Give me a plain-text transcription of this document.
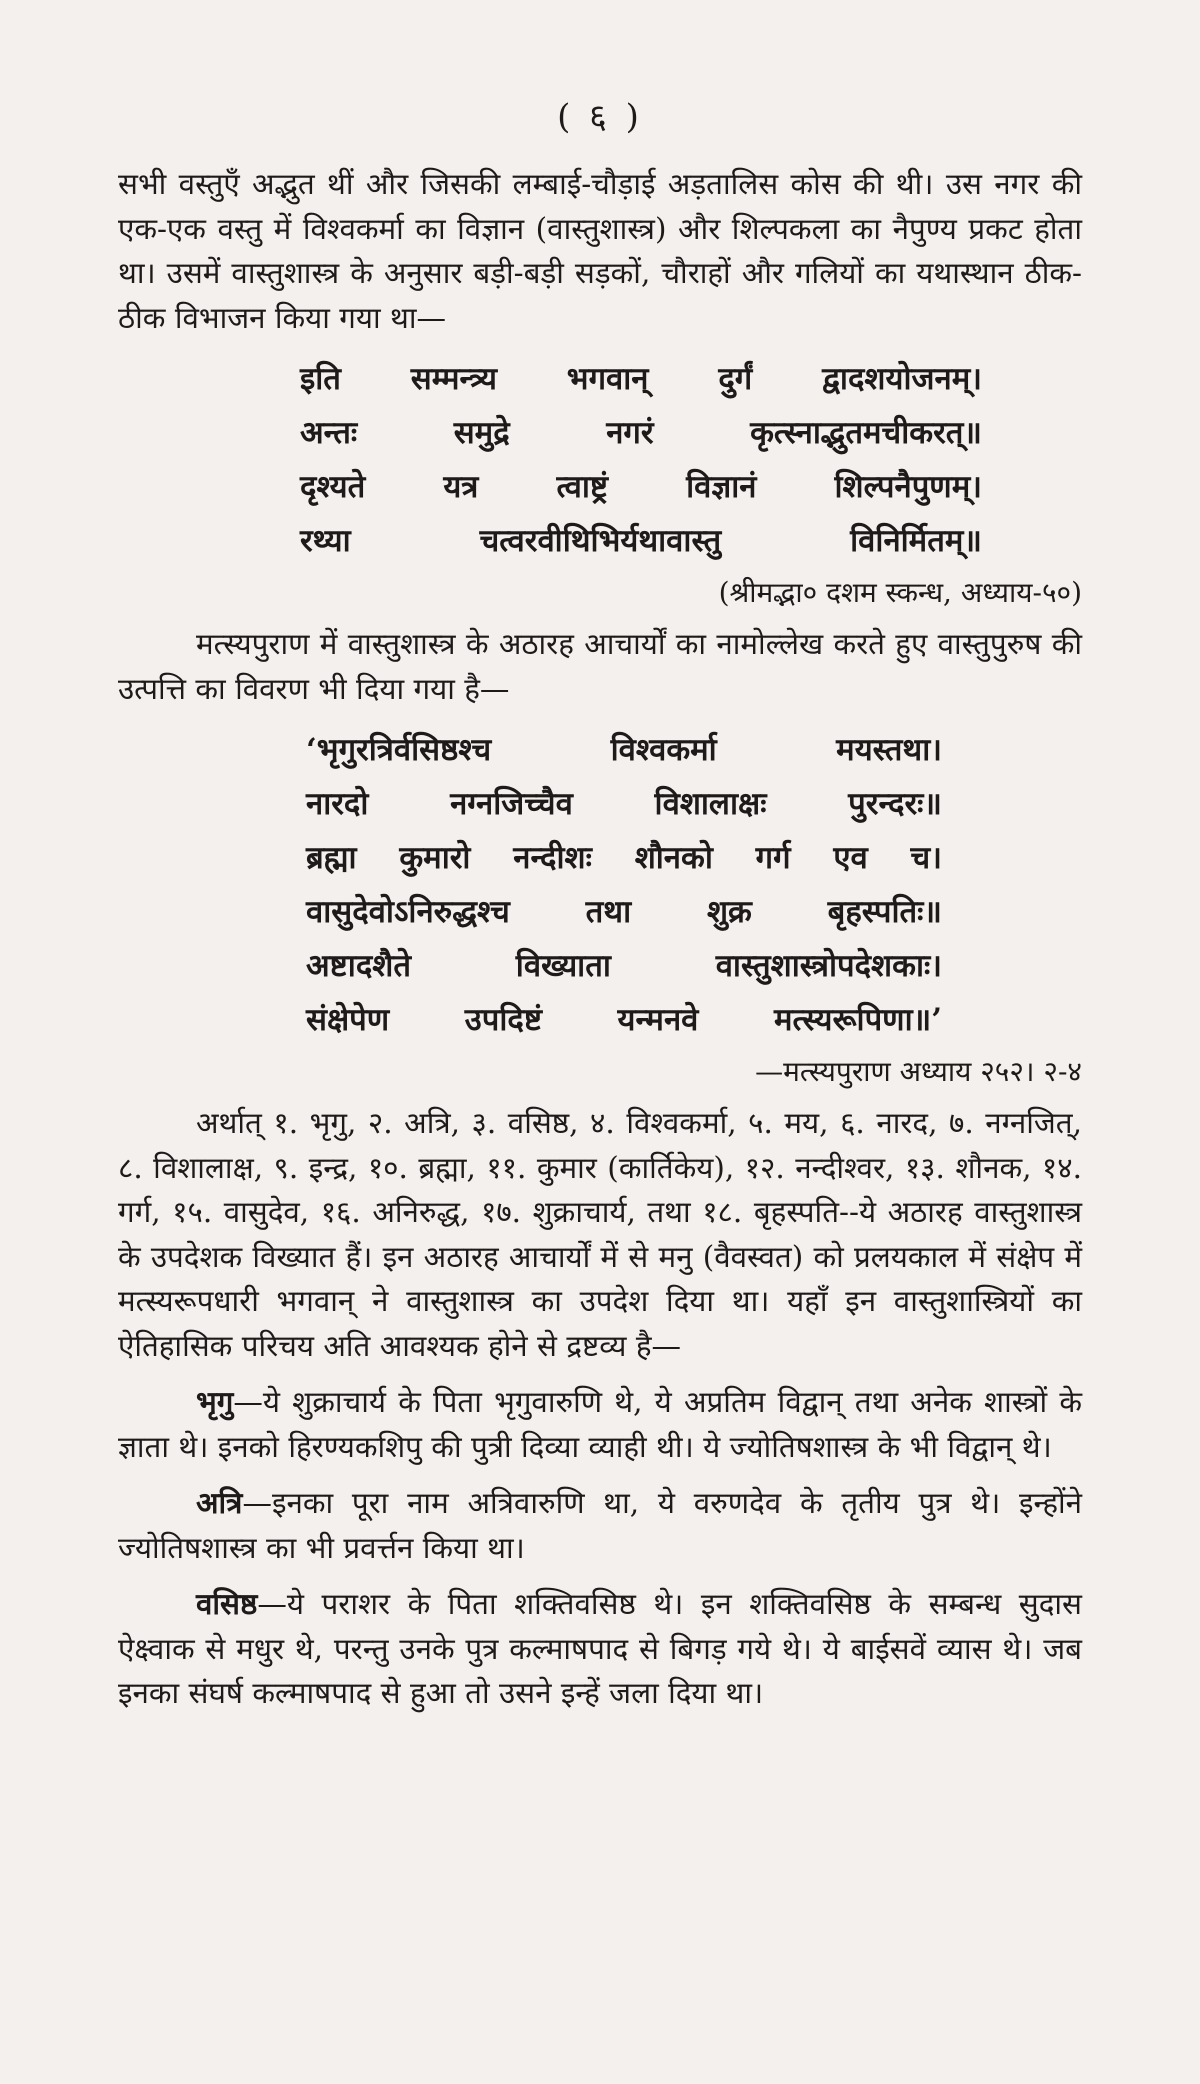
( ६ )

सभी वस्तुएँ अद्भुत थीं और जिसकी लम्बाई-चौड़ाई अड़तालिस कोस की थी। उस नगर की एक-एक वस्तु में विश्वकर्मा का विज्ञान (वास्तुशास्त्र) और शिल्पकला का नैपुण्य प्रकट होता था। उसमें वास्तुशास्त्र के अनुसार बड़ी-बड़ी सड़कों, चौराहों और गलियों का यथास्थान ठीक-ठीक विभाजन किया गया था—

इति सम्मन्त्र्य भगवान् दुर्गं द्वादशयोजनम्।

अन्तः समुद्रे नगरं कृत्स्नाद्भुतमचीकरत्॥

दृश्यते यत्र त्वाष्ट्रं विज्ञानं शिल्पनैपुणम्।

रथ्या चत्वरवीथिभिर्यथावास्तु विनिर्मितम्॥

(श्रीमद्भा० दशम स्कन्ध, अध्याय-५०)

मत्स्यपुराण में वास्तुशास्त्र के अठारह आचार्यों का नामोल्लेख करते हुए वास्तुपुरुष की उत्पत्ति का विवरण भी दिया गया है—

‘भृगुरत्रिर्वसिष्ठश्च विश्वकर्मा मयस्तथा।

नारदो नग्नजिच्चैव विशालाक्षः पुरन्दरः॥

ब्रह्मा कुमारो नन्दीशः शौनको गर्ग एव च।

वासुदेवोऽनिरुद्धश्च तथा शुक्र बृहस्पतिः॥

अष्टादशैते विख्याता वास्तुशास्त्रोपदेशकाः।

संक्षेपेण उपदिष्टं यन्मनवे मत्स्यरूपिणा॥’

—मत्स्यपुराण अध्याय २५२। २-४

अर्थात् १. भृगु, २. अत्रि, ३. वसिष्ठ, ४. विश्वकर्मा, ५. मय, ६. नारद, ७. नग्नजित्, ८. विशालाक्ष, ९. इन्द्र, १०. ब्रह्मा, ११. कुमार (कार्तिकेय), १२. नन्दीश्वर, १३. शौनक, १४. गर्ग, १५. वासुदेव, १६. अनिरुद्ध, १७. शुक्राचार्य, तथा १८. बृहस्पति--ये अठारह वास्तुशास्त्र के उपदेशक विख्यात हैं। इन अठारह आचार्यों में से मनु (वैवस्वत) को प्रलयकाल में संक्षेप में मत्स्यरूपधारी भगवान् ने वास्तुशास्त्र का उपदेश दिया था। यहाँ इन वास्तुशास्त्रियों का ऐतिहासिक परिचय अति आवश्यक होने से द्रष्टव्य है—

भृगु—ये शुक्राचार्य के पिता भृगुवारुणि थे, ये अप्रतिम विद्वान् तथा अनेक शास्त्रों के ज्ञाता थे। इनको हिरण्यकशिपु की पुत्री दिव्या व्याही थी। ये ज्योतिषशास्त्र के भी विद्वान् थे।

अत्रि—इनका पूरा नाम अत्रिवारुणि था, ये वरुणदेव के तृतीय पुत्र थे। इन्होंने ज्योतिषशास्त्र का भी प्रवर्त्तन किया था।

वसिष्ठ—ये पराशर के पिता शक्तिवसिष्ठ थे। इन शक्तिवसिष्ठ के सम्बन्ध सुदास ऐक्ष्वाक से मधुर थे, परन्तु उनके पुत्र कल्माषपाद से बिगड़ गये थे। ये बाईसवें व्यास थे। जब इनका संघर्ष कल्माषपाद से हुआ तो उसने इन्हें जला दिया था।
